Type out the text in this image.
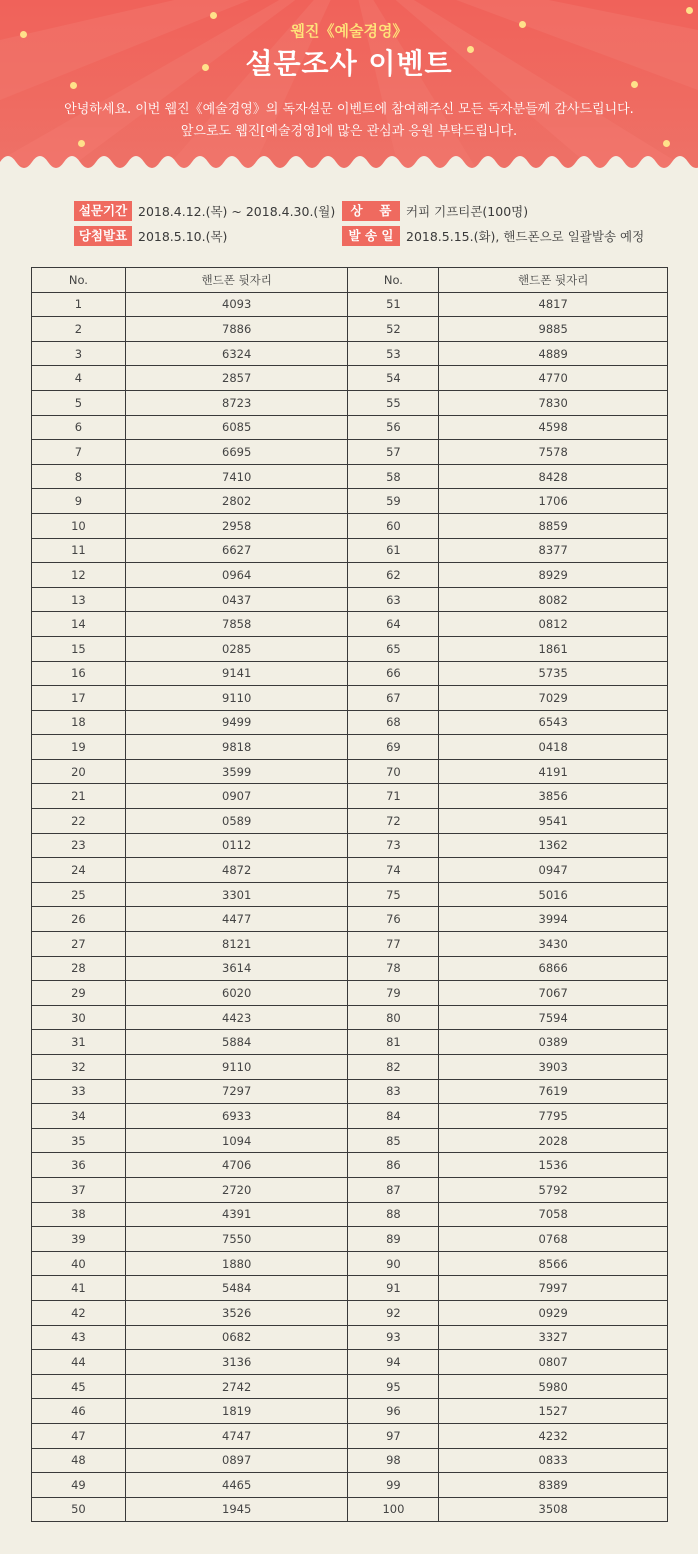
웹진《예술경영》
설문조사 이벤트
안녕하세요. 이번 웹진《예술경영》의 독자설문 이벤트에 참여해주신 모든 독자분들께 감사드립니다.
앞으로도 웹진[예술경영]에 많은 관심과 응원 부탁드립니다.
설문기간 2018.4.12.(목) ~ 2018.4.30.(월)
당첨발표 2018.5.10.(목)
상　 품	커피 기프티콘(100명)
발 송 일	2018.5.15.(화), 핸드폰으로 일괄발송 예정
No.	핸드폰 뒷자리	No.	핸드폰 뒷자리
1	4093	51	4817
2	7886	52	9885
3	6324	53	4889
4	2857	54	4770
5	8723	55	7830
6	6085	56	4598
7	6695	57	7578
8	7410	58	8428
9	2802	59	1706
10	2958	60	8859
11	6627	61	8377
12	0964	62	8929
13	0437	63	8082
14	7858	64	0812
15	0285	65	1861
16	9141	66	5735
17	9110	67	7029
18	9499	68	6543
19	9818	69	0418
20	3599	70	4191
21	0907	71	3856
22	0589	72	9541
23	0112	73	1362
24	4872	74	0947
25	3301	75	5016
26	4477	76	3994
27	8121	77	3430
28	3614	78	6866
29	6020	79	7067
30	4423	80	7594
31	5884	81	0389
32	9110	82	3903
33	7297	83	7619
34	6933	84	7795
35	1094	85	2028
36	4706	86	1536
37	2720	87	5792
38	4391	88	7058
39	7550	89	0768
40	1880	90	8566
41	5484	91	7997
42	3526	92	0929
43	0682	93	3327
44	3136	94	0807
45	2742	95	5980
46	1819	96	1527
47	4747	97	4232
48	0897	98	0833
49	4465	99	8389
50	1945	100	3508
